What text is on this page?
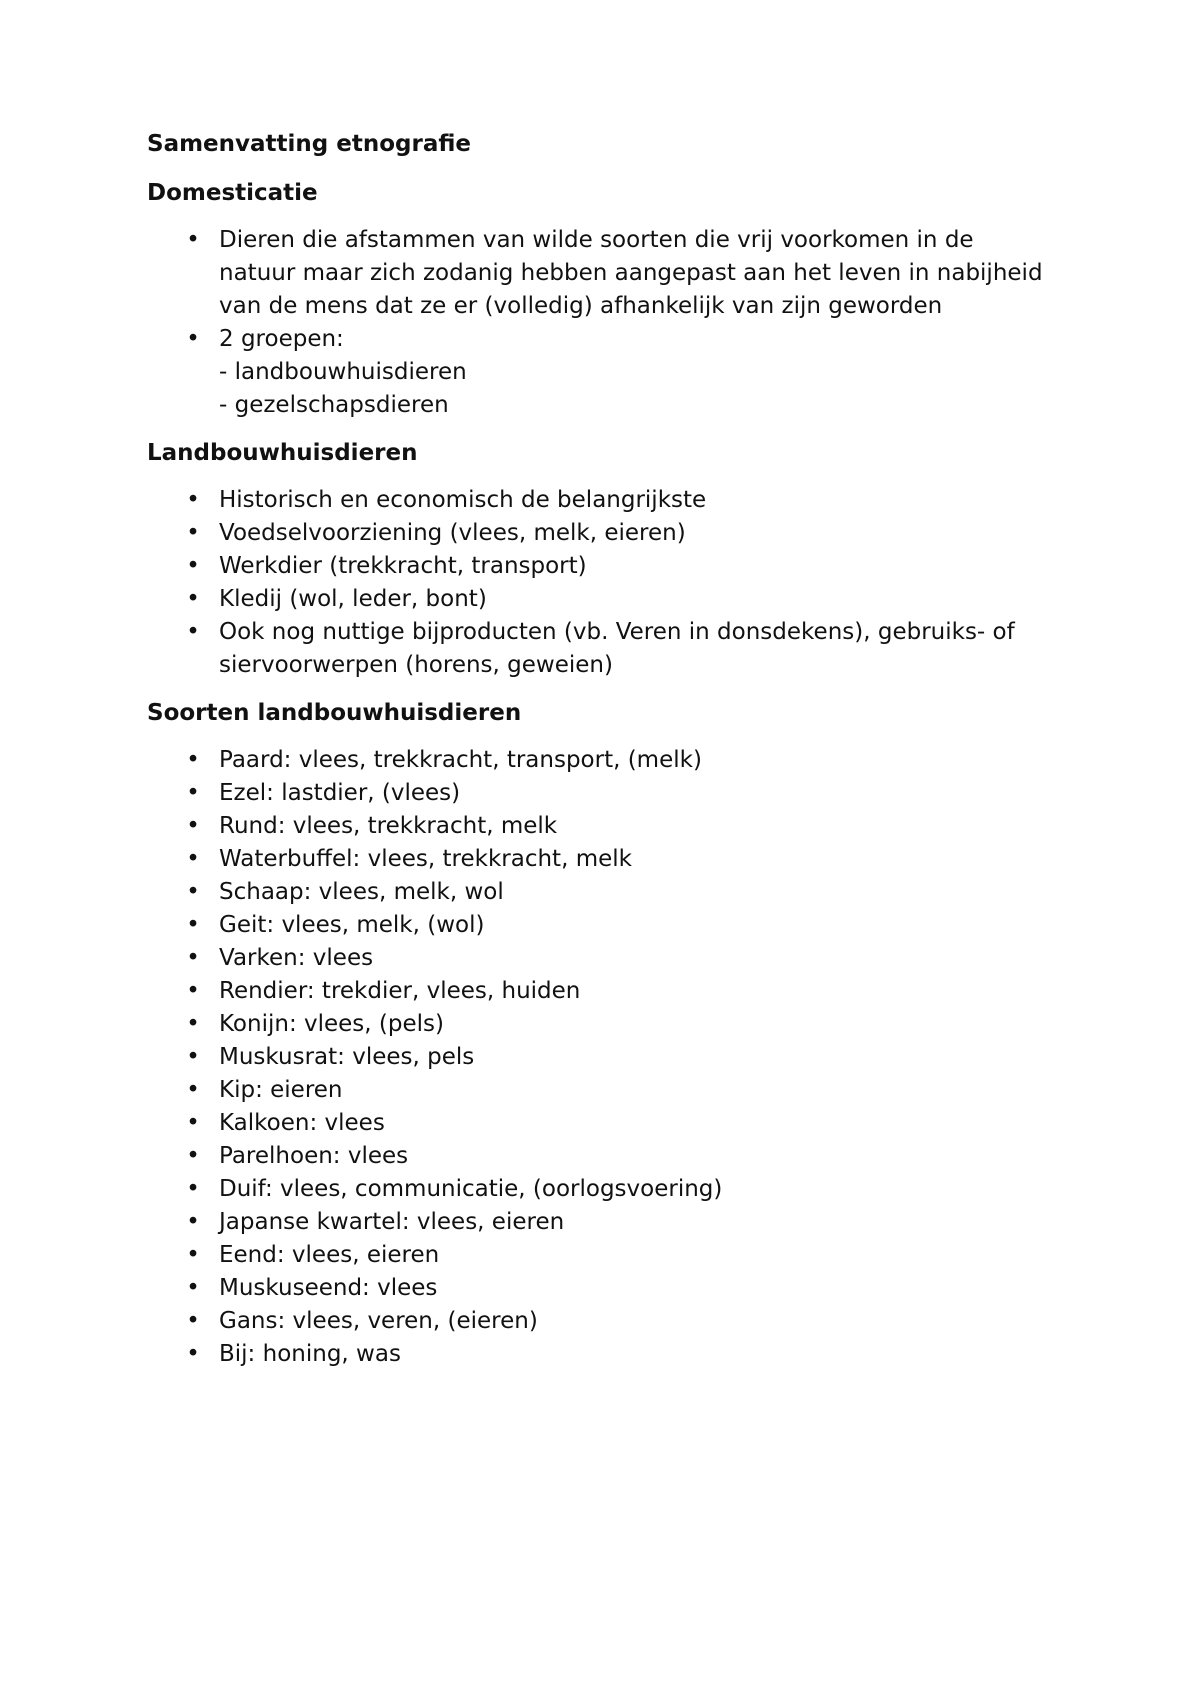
Samenvatting etnografie
Domesticatie
• Dieren die afstammen van wilde soorten die vrij voorkomen in de natuur maar zich zodanig hebben aangepast aan het leven in nabijheid van de mens dat ze er (volledig) afhankelijk van zijn geworden
• 2 groepen:
- landbouwhuisdieren
- gezelschapsdieren
Landbouwhuisdieren
• Historisch en economisch de belangrijkste
• Voedselvoorziening (vlees, melk, eieren)
• Werkdier (trekkracht, transport)
• Kledij (wol, leder, bont)
• Ook nog nuttige bijproducten (vb. Veren in donsdekens), gebruiks- of siervoorwerpen (horens, geweien)
Soorten landbouwhuisdieren
• Paard: vlees, trekkracht, transport, (melk)
• Ezel: lastdier, (vlees)
• Rund: vlees, trekkracht, melk
• Waterbuffel: vlees, trekkracht, melk
• Schaap: vlees, melk, wol
• Geit: vlees, melk, (wol)
• Varken: vlees
• Rendier: trekdier, vlees, huiden
• Konijn: vlees, (pels)
• Muskusrat: vlees, pels
• Kip: eieren
• Kalkoen: vlees
• Parelhoen: vlees
• Duif: vlees, communicatie, (oorlogsvoering)
• Japanse kwartel: vlees, eieren
• Eend: vlees, eieren
• Muskuseend: vlees
• Gans: vlees, veren, (eieren)
• Bij: honing, was
